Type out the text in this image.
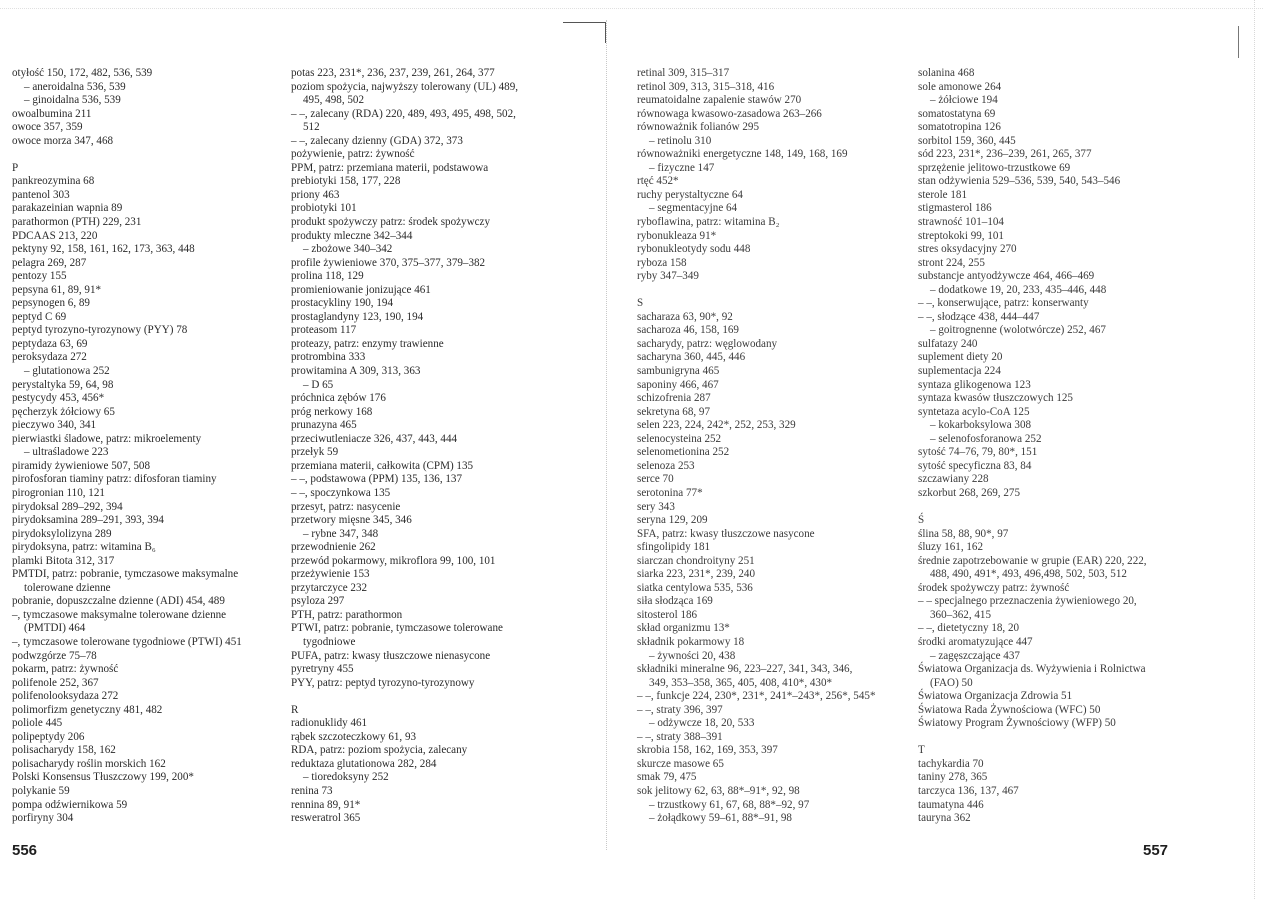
otyłość 150, 172, 482, 536, 539
– aneroidalna 536, 539
– ginoidalna 536, 539
owoalbumina 211
owoce 357, 359
owoce morza 347, 468
P
pankreozymina 68
pantenol 303
parakazeinian wapnia 89
parathormon (PTH) 229, 231
PDCAAS 213, 220
pektyny 92, 158, 161, 162, 173, 363, 448
pelagra 269, 287
pentozy 155
pepsyna 61, 89, 91*
pepsynogen 6, 89
peptyd C 69
peptyd tyrozyno-tyrozynowy (PYY) 78
peptydaza 63, 69
peroksydaza 272
– glutationowa 252
perystaltyka 59, 64, 98
pestycydy 453, 456*
pęcherzyk żółciowy 65
pieczywo 340, 341
pierwiastki śladowe, patrz: mikroelementy
– ultraśladowe 223
piramidy żywieniowe 507, 508
pirofosforan tiaminy patrz: difosforan tiaminy
pirogronian 110, 121
pirydoksal 289–292, 394
pirydoksamina 289–291, 393, 394
pirydoksylolizyna 289
pirydoksyna, patrz: witamina B₆
plamki Bitota 312, 317
PMTDI, patrz: pobranie, tymczasowe maksymalne
tolerowane dzienne
pobranie, dopuszczalne dzienne (ADI) 454, 489
–, tymczasowe maksymalne tolerowane dzienne
(PMTDI) 464
–, tymczasowe tolerowane tygodniowe (PTWI) 451
podwzgórze 75–78
pokarm, patrz: żywność
polifenole 252, 367
polifenolooksydaza 272
polimorfizm genetyczny 481, 482
poliole 445
polipeptydy 206
polisacharydy 158, 162
polisacharydy roślin morskich 162
Polski Konsensus Tłuszczowy 199, 200*
polykanie 59
pompa odźwiernikowa 59
porfiryny 304
potas 223, 231*, 236, 237, 239, 261, 264, 377
poziom spożycia, najwyższy tolerowany (UL) 489,
495, 498, 502
– –, zalecany (RDA) 220, 489, 493, 495, 498, 502,
512
– –, zalecany dzienny (GDA) 372, 373
pożywienie, patrz: żywność
PPM, patrz: przemiana materii, podstawowa
prebiotyki 158, 177, 228
priony 463
probiotyki 101
produkt spożywczy patrz: środek spożywczy
produkty mleczne 342–344
– zbożowe 340–342
profile żywieniowe 370, 375–377, 379–382
prolina 118, 129
promieniowanie jonizujące 461
prostacykliny 190, 194
prostaglandyny 123, 190, 194
proteasom 117
proteazy, patrz: enzymy trawienne
protrombina 333
prowitamina A 309, 313, 363
– D 65
próchnica zębów 176
próg nerkowy 168
prunazyna 465
przeciwutleniacze 326, 437, 443, 444
przełyk 59
przemiana materii, całkowita (CPM) 135
– –, podstawowa (PPM) 135, 136, 137
– –, spoczynkowa 135
przesyt, patrz: nasycenie
przetwory mięsne 345, 346
– rybne 347, 348
przewodnienie 262
przewód pokarmowy, mikroflora 99, 100, 101
przeżywienie 153
przytarczyce 232
psyloza 297
PTH, patrz: parathormon
PTWI, patrz: pobranie, tymczasowe tolerowane
tygodniowe
PUFA, patrz: kwasy tłuszczowe nienasycone
pyretryny 455
PYY, patrz: peptyd tyrozyno-tyrozynowy
R
radionuklidy 461
rąbek szczoteczkowy 61, 93
RDA, patrz: poziom spożycia, zalecany
reduktaza glutationowa 282, 284
– tioredoksyny 252
renina 73
rennina 89, 91*
resweratrol 365
retinal 309, 315–317
retinol 309, 313, 315–318, 416
reumatoidalne zapalenie stawów 270
równowaga kwasowo-zasadowa 263–266
równoważnik folianów 295
– retinolu 310
równoważniki energetyczne 148, 149, 168, 169
– fizyczne 147
rtęć 452*
ruchy perystaltyczne 64
– segmentacyjne 64
ryboflawina, patrz: witamina B₂
rybonukleaza 91*
rybonukleotydy sodu 448
ryboza 158
ryby 347–349
S
sacharaza 63, 90*, 92
sacharoza 46, 158, 169
sacharydy, patrz: węglowodany
sacharyna 360, 445, 446
sambunigryna 465
saponiny 466, 467
schizofrenia 287
sekretyna 68, 97
selen 223, 224, 242*, 252, 253, 329
selenocysteina 252
selenometionina 252
selenoza 253
serce 70
serotonina 77*
sery 343
seryna 129, 209
SFA, patrz: kwasy tłuszczowe nasycone
sfingolipidy 181
siarczan chondroityny 251
siarka 223, 231*, 239, 240
siatka centylowa 535, 536
siła słodząca 169
sitosterol 186
skład organizmu 13*
składnik pokarmowy 18
– żywności 20, 438
składniki mineralne 96, 223–227, 341, 343, 346,
349, 353–358, 365, 405, 408, 410*, 430*
– –, funkcje 224, 230*, 231*, 241*–243*, 256*, 545*
– –, straty 396, 397
– odżywcze 18, 20, 533
– –, straty 388–391
skrobia 158, 162, 169, 353, 397
skurcze masowe 65
smak 79, 475
sok jelitowy 62, 63, 88*–91*, 92, 98
– trzustkowy 61, 67, 68, 88*–92, 97
– żołądkowy 59–61, 88*–91, 98
solanina 468
sole amonowe 264
– żółciowe 194
somatostatyna 69
somatotropina 126
sorbitol 159, 360, 445
sód 223, 231*, 236–239, 261, 265, 377
sprzężenie jelitowo-trzustkowe 69
stan odżywienia 529–536, 539, 540, 543–546
sterole 181
stigmasterol 186
strawność 101–104
streptokoki 99, 101
stres oksydacyjny 270
stront 224, 255
substancje antyodżywcze 464, 466–469
– dodatkowe 19, 20, 233, 435–446, 448
– –, konserwujące, patrz: konserwanty
– –, słodzące 438, 444–447
– goitrognenne (wolotwórcze) 252, 467
sulfatazy 240
suplement diety 20
suplementacja 224
syntaza glikogenowa 123
syntaza kwasów tłuszczowych 125
syntetaza acylo-CoA 125
– kokarboksylowa 308
– selenofosforanowa 252
sytość 74–76, 79, 80*, 151
sytość specyficzna 83, 84
szczawiany 228
szkorbut 268, 269, 275
Ś
ślina 58, 88, 90*, 97
śluzy 161, 162
średnie zapotrzebowanie w grupie (EAR) 220, 222,
488, 490, 491*, 493, 496,498, 502, 503, 512
środek spożywczy patrz: żywność
– – specjalnego przeznaczenia żywieniowego 20,
360–362, 415
– –, dietetyczny 18, 20
środki aromatyzujące 447
– zagęszczające 437
Światowa Organizacja ds. Wyżywienia i Rolnictwa
(FAO) 50
Światowa Organizacja Zdrowia 51
Światowa Rada Żywnościowa (WFC) 50
Światowy Program Żywnościowy (WFP) 50
T
tachykardia 70
taniny 278, 365
tarczyca 136, 137, 467
taumatyna 446
tauryna 362
556	557
